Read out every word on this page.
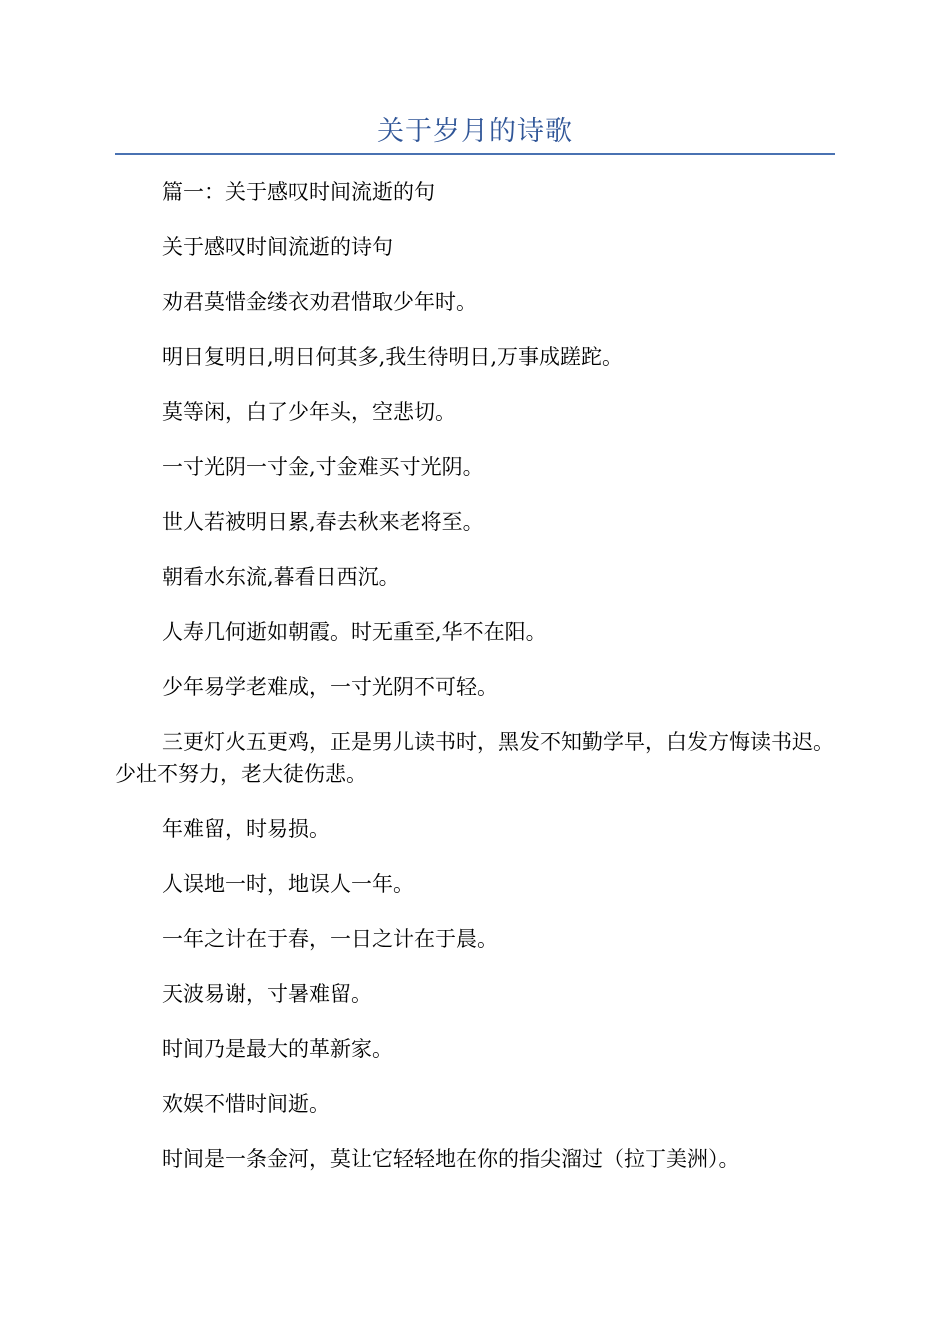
关于岁月的诗歌

篇一：关于感叹时间流逝的句

关于感叹时间流逝的诗句

劝君莫惜金缕衣劝君惜取少年时。

明日复明日,明日何其多,我生待明日,万事成蹉跎。

莫等闲，白了少年头，空悲切。

一寸光阴一寸金,寸金难买寸光阴。

世人若被明日累,春去秋来老将至。

朝看水东流,暮看日西沉。

人寿几何逝如朝霞。时无重至,华不在阳。

少年易学老难成，一寸光阴不可轻。

三更灯火五更鸡，正是男儿读书时，黑发不知勤学早，白发方悔读书迟。少壮不努力，老大徒伤悲。

年难留，时易损。

人误地一时，地误人一年。

一年之计在于春，一日之计在于晨。

天波易谢，寸暑难留。

时间乃是最大的革新家。

欢娱不惜时间逝。

时间是一条金河，莫让它轻轻地在你的指尖溜过（拉丁美洲）。
